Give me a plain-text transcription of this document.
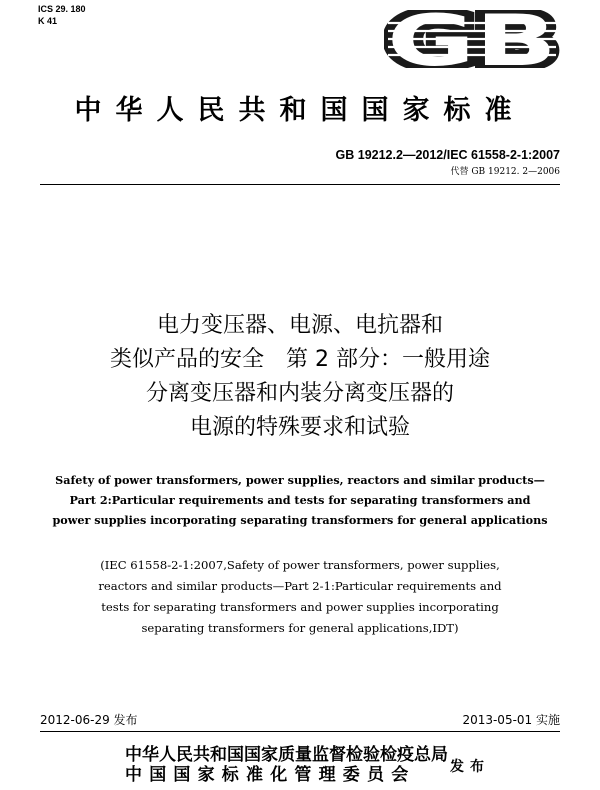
ICS 29. 180
K 41	GB
中华人民共和国国家标准
GB 19212.2—2012/IEC 61558-2-1:2007
代替 GB 19212. 2—2006
电力变压器、电源、电抗器和
类似产品的安全　第 2 部分：一般用途
分离变压器和内装分离变压器的
电源的特殊要求和试验
Safety of power transformers, power supplies, reactors and similar products—
Part 2:Particular requirements and tests for separating transformers and
power supplies incorporating separating transformers for general applications
(IEC 61558-2-1:2007,Safety of power transformers, power supplies,
reactors and similar products—Part 2-1:Particular requirements and
tests for separating transformers and power supplies incorporating
separating transformers for general applications,IDT)
2012-06-29 发布	2013-05-01 实施
中华人民共和国国家质量监督检验检疫总局
中国国家标准化管理委员会	发布
